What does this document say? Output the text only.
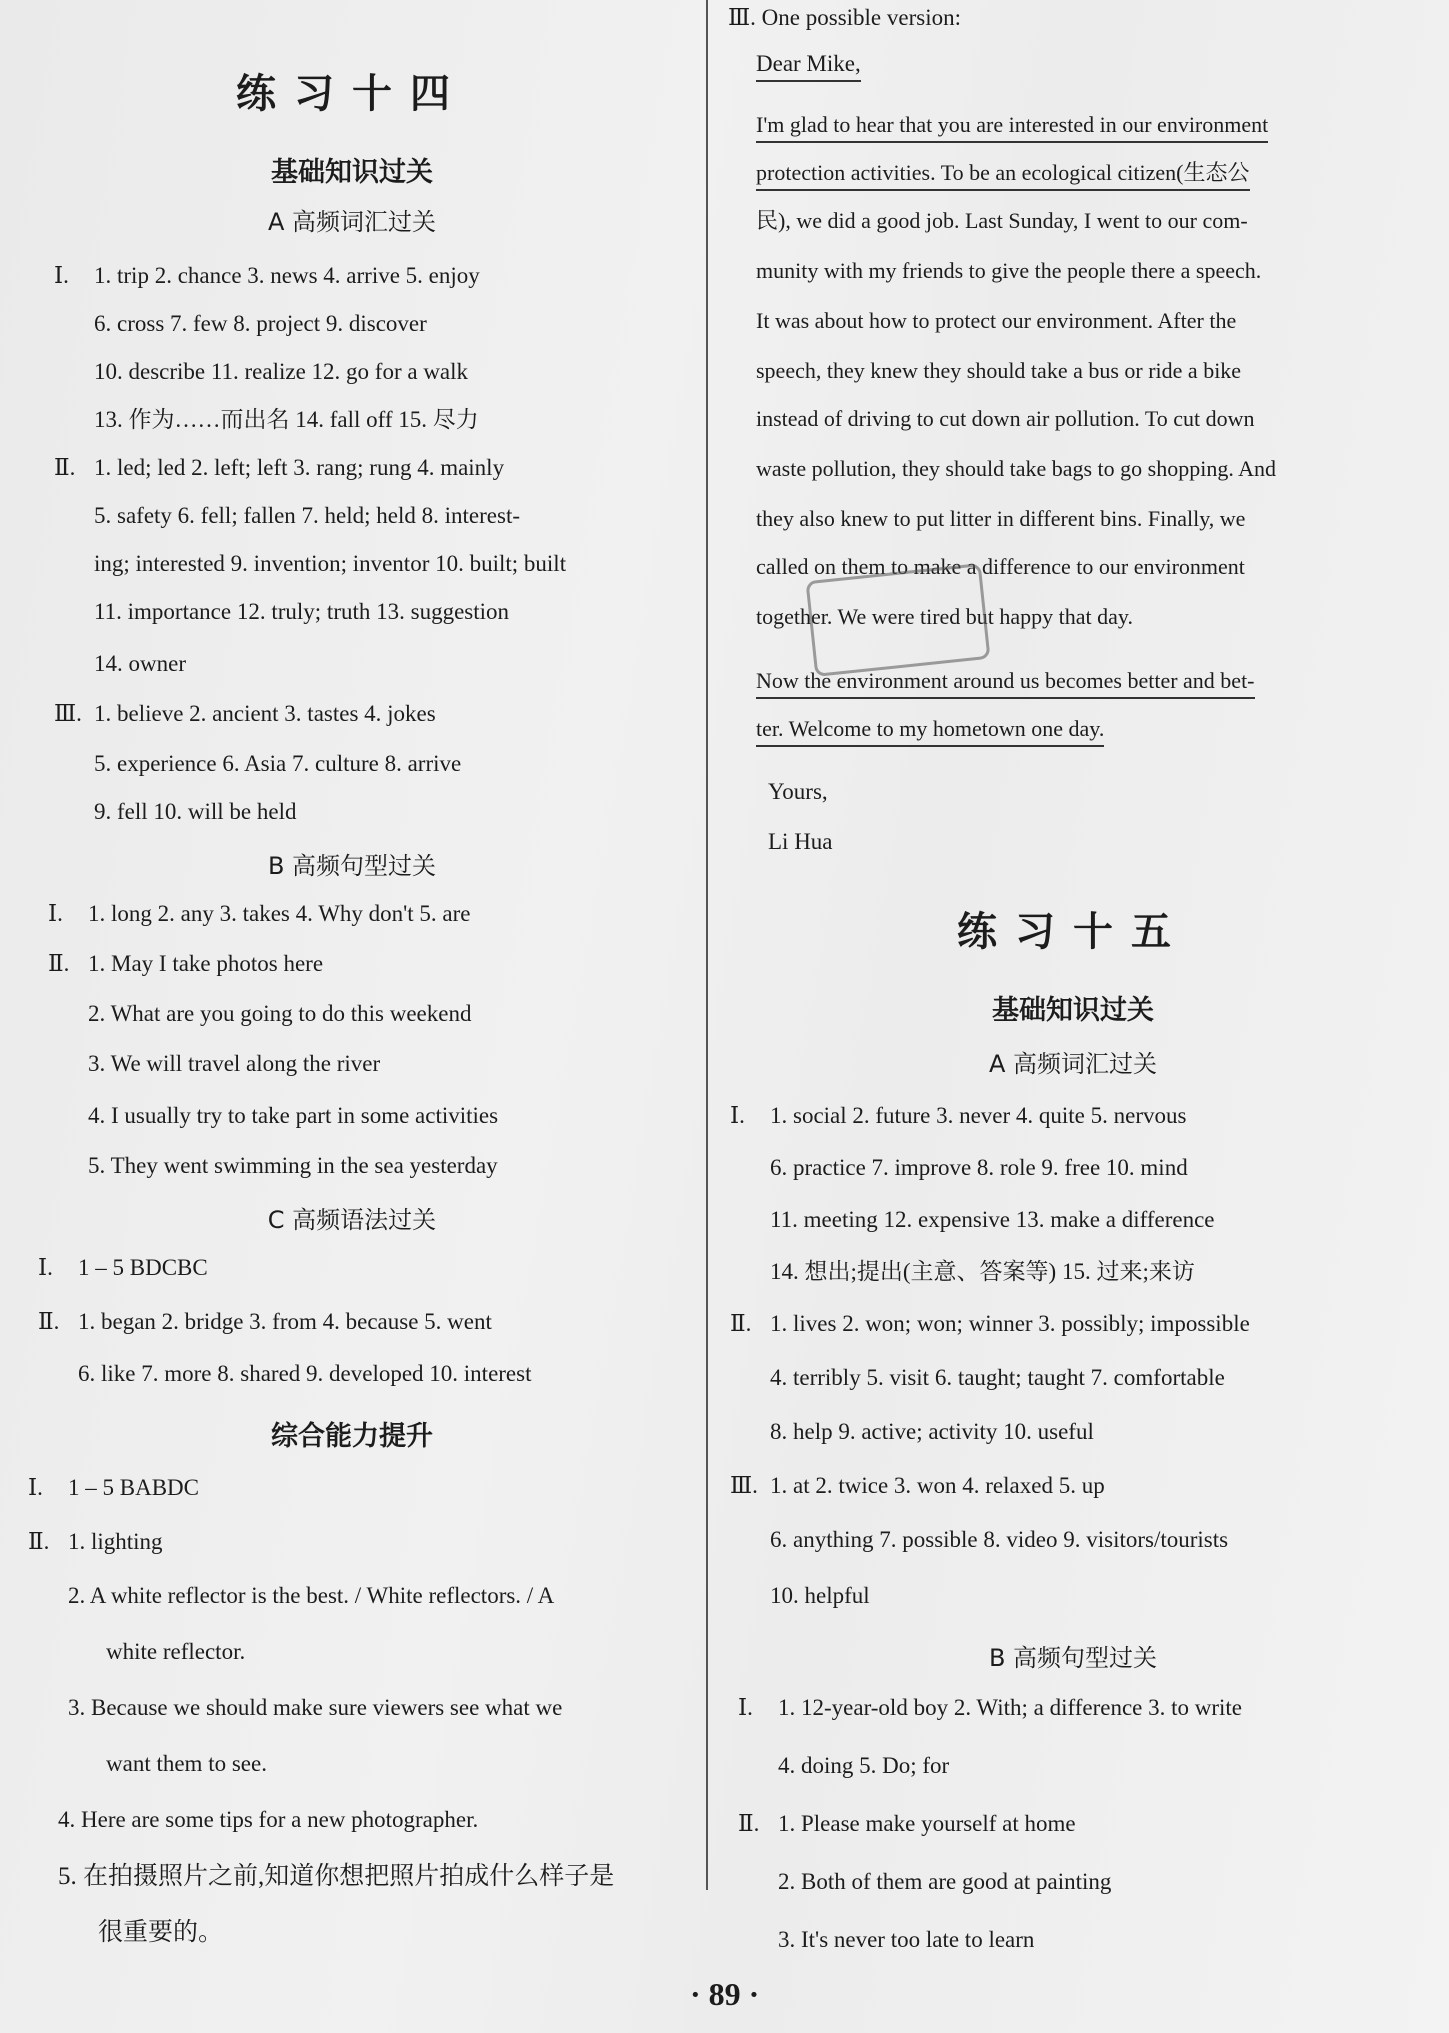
练习十四
基础知识过关
A 高频词汇过关
Ⅰ. 1. trip 2. chance 3. news 4. arrive 5. enjoy
6. cross 7. few 8. project 9. discover
10. describe 11. realize 12. go for a walk
13. 作为……而出名 14. fall off 15. 尽力
Ⅱ. 1. led; led 2. left; left 3. rang; rung 4. mainly
5. safety 6. fell; fallen 7. held; held 8. interest-
ing; interested 9. invention; inventor 10. built; built
11. importance 12. truly; truth 13. suggestion
14. owner
Ⅲ. 1. believe 2. ancient 3. tastes 4. jokes
5. experience 6. Asia 7. culture 8. arrive
9. fell 10. will be held
B 高频句型过关
Ⅰ. 1. long 2. any 3. takes 4. Why don't 5. are
Ⅱ. 1. May I take photos here
2. What are you going to do this weekend
3. We will travel along the river
4. I usually try to take part in some activities
5. They went swimming in the sea yesterday
C 高频语法过关
Ⅰ. 1 – 5 BDCBC
Ⅱ. 1. began 2. bridge 3. from 4. because 5. went
6. like 7. more 8. shared 9. developed 10. interest
综合能力提升
Ⅰ. 1 – 5 BABDC
Ⅱ. 1. lighting
2. A white reflector is the best. / White reflectors. / A
white reflector.
3. Because we should make sure viewers see what we
want them to see.
4. Here are some tips for a new photographer.
5. 在拍摄照片之前,知道你想把照片拍成什么样子是
很重要的。
Ⅲ. One possible version:
Dear Mike,
I'm glad to hear that you are interested in our environment
protection activities. To be an ecological citizen(生态公
民), we did a good job. Last Sunday, I went to our com-
munity with my friends to give the people there a speech.
It was about how to protect our environment. After the
speech, they knew they should take a bus or ride a bike
instead of driving to cut down air pollution. To cut down
waste pollution, they should take bags to go shopping. And
they also knew to put litter in different bins. Finally, we
called on them to make a difference to our environment
together. We were tired but happy that day.
Now the environment around us becomes better and bet-
ter. Welcome to my hometown one day.
Yours,
Li Hua
练习十五
基础知识过关
A 高频词汇过关
Ⅰ. 1. social 2. future 3. never 4. quite 5. nervous
6. practice 7. improve 8. role 9. free 10. mind
11. meeting 12. expensive 13. make a difference
14. 想出;提出(主意、答案等) 15. 过来;来访
Ⅱ. 1. lives 2. won; won; winner 3. possibly; impossible
4. terribly 5. visit 6. taught; taught 7. comfortable
8. help 9. active; activity 10. useful
Ⅲ. 1. at 2. twice 3. won 4. relaxed 5. up
6. anything 7. possible 8. video 9. visitors/tourists
10. helpful
B 高频句型过关
Ⅰ. 1. 12-year-old boy 2. With; a difference 3. to write
4. doing 5. Do; for
Ⅱ. 1. Please make yourself at home
2. Both of them are good at painting
3. It's never too late to learn
· 89 ·
